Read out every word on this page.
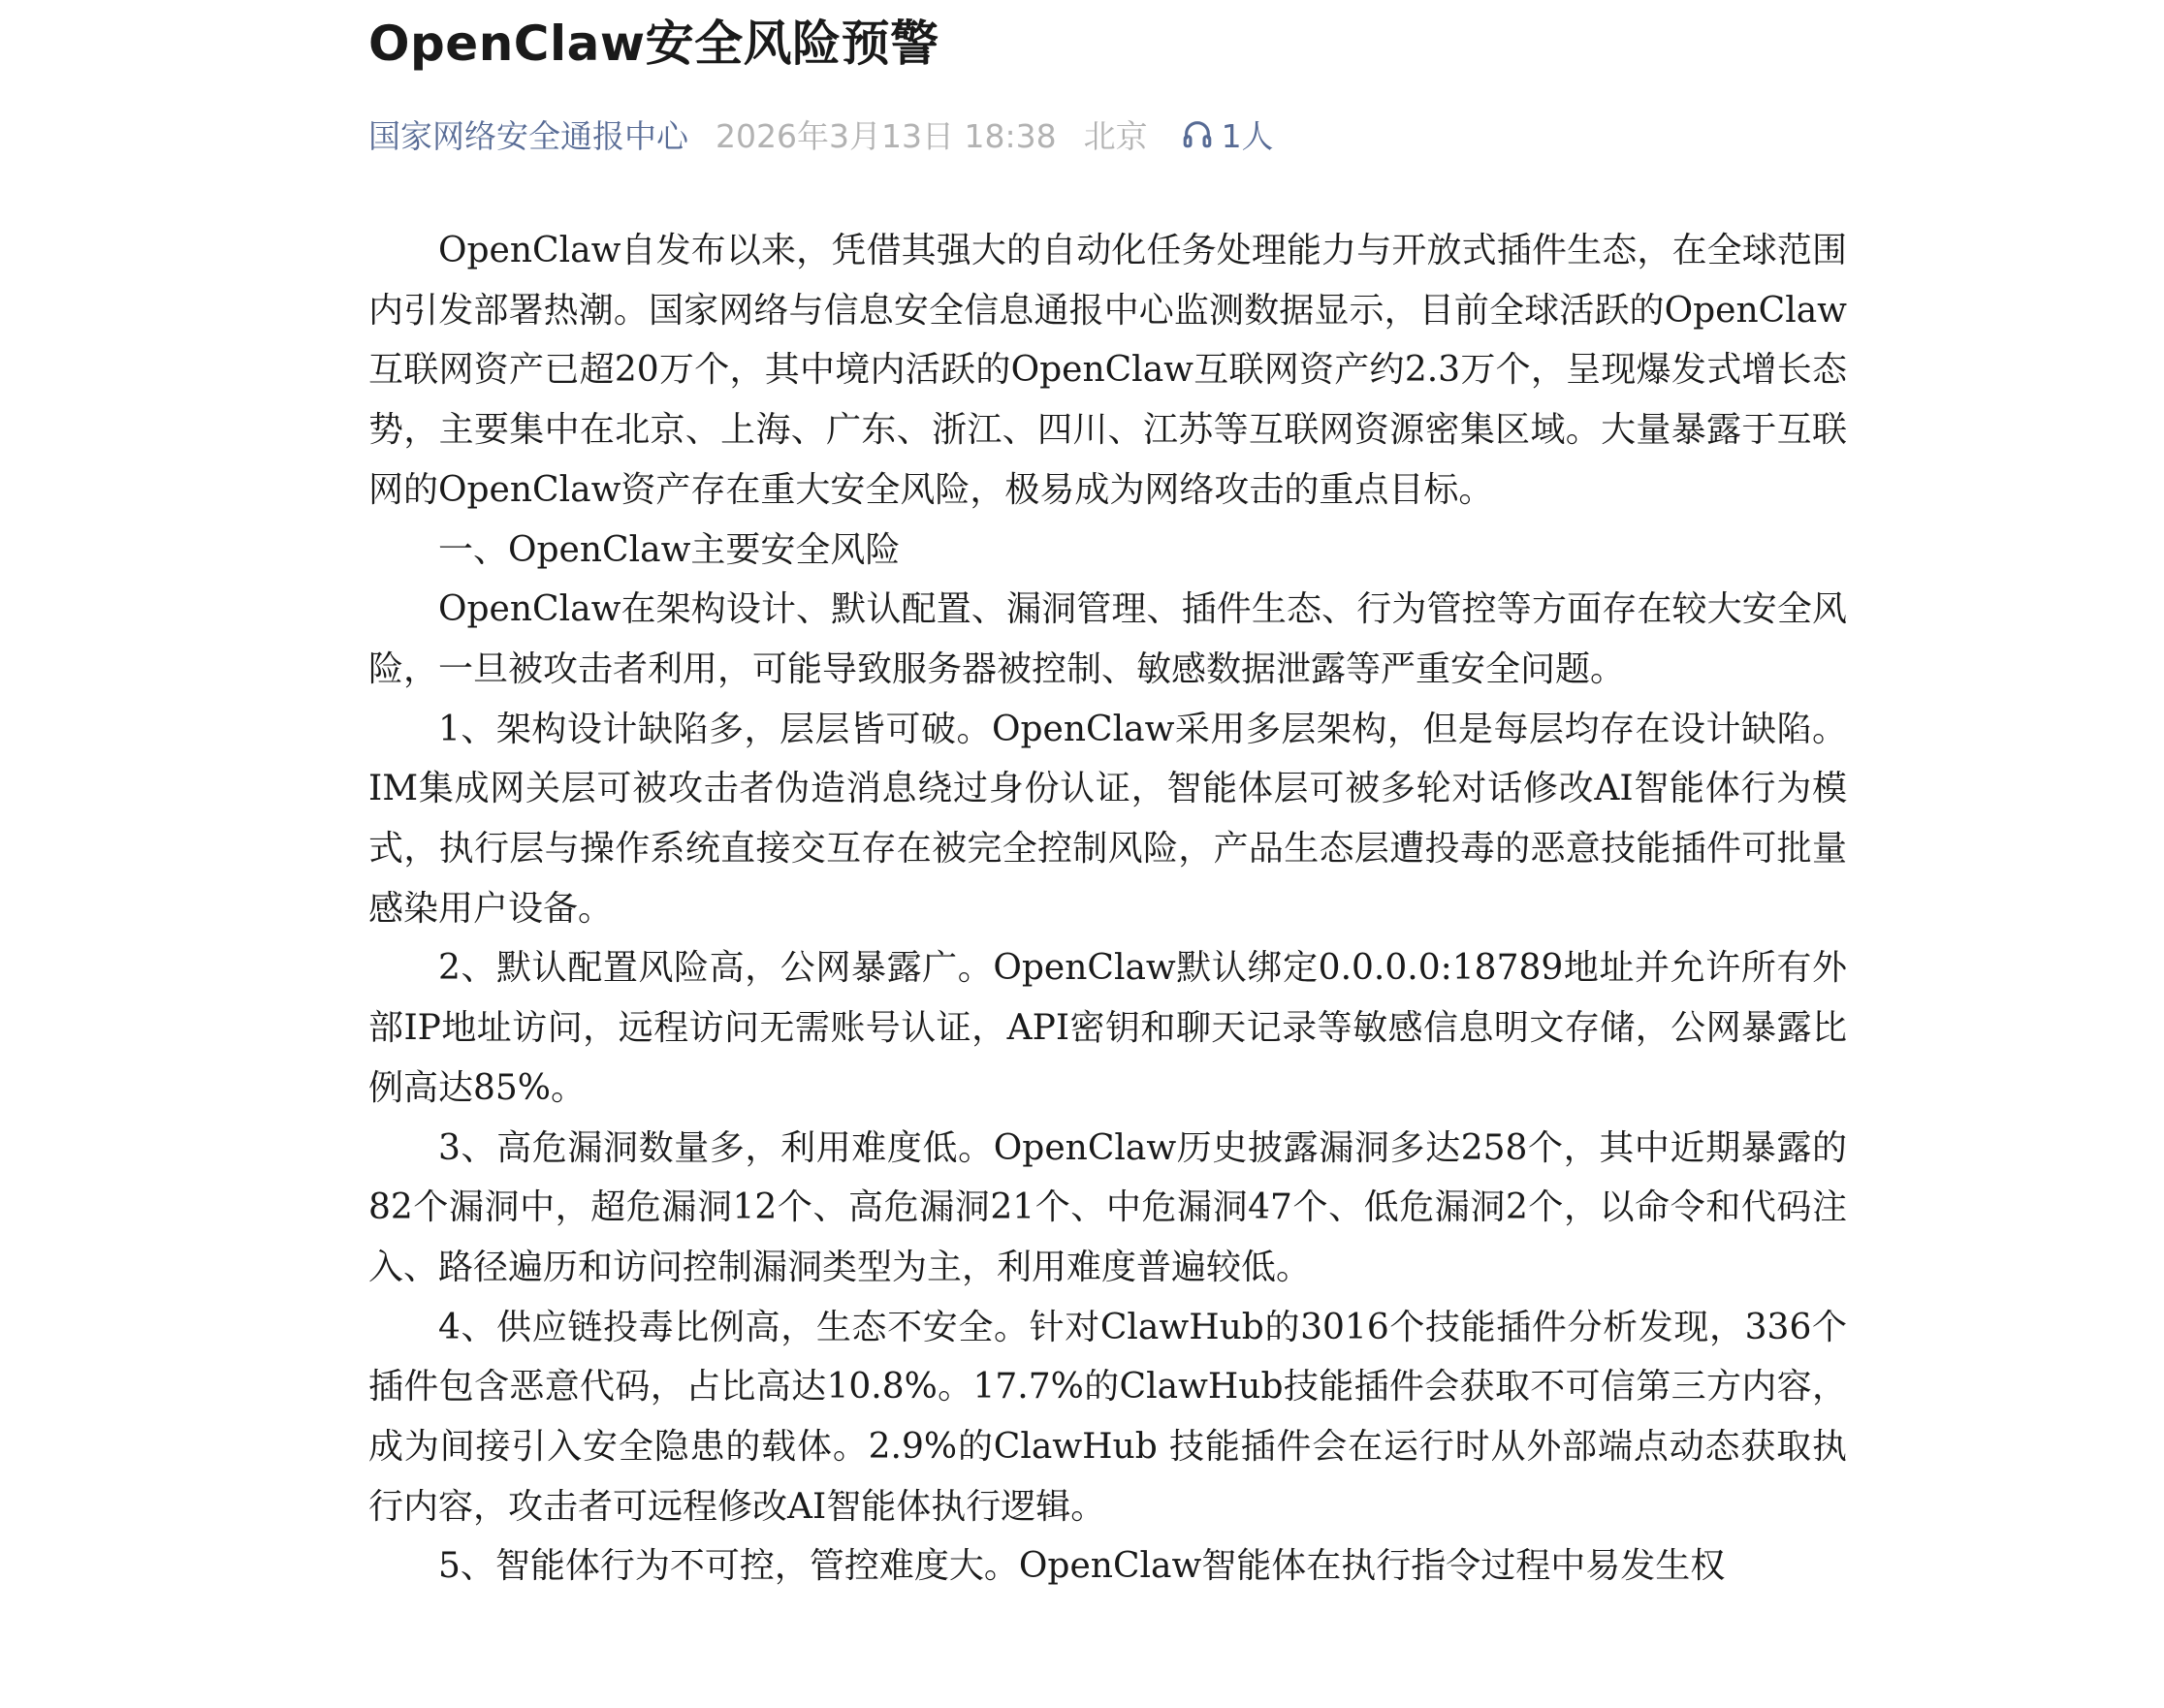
OpenClaw安全风险预警
国家网络安全通报中心 2026年3月13日 18:38 北京 1人

OpenClaw自发布以来，凭借其强大的自动化任务处理能力与开放式插件生态，在全球范围内引发部署热潮。国家网络与信息安全信息通报中心监测数据显示，目前全球活跃的OpenClaw互联网资产已超20万个，其中境内活跃的OpenClaw互联网资产约2.3万个，呈现爆发式增长态势，主要集中在北京、上海、广东、浙江、四川、江苏等互联网资源密集区域。大量暴露于互联网的OpenClaw资产存在重大安全风险，极易成为网络攻击的重点目标。

一、OpenClaw主要安全风险

OpenClaw在架构设计、默认配置、漏洞管理、插件生态、行为管控等方面存在较大安全风险，一旦被攻击者利用，可能导致服务器被控制、敏感数据泄露等严重安全问题。

1、架构设计缺陷多，层层皆可破。OpenClaw采用多层架构，但是每层均存在设计缺陷。IM集成网关层可被攻击者伪造消息绕过身份认证，智能体层可被多轮对话修改AI智能体行为模式，执行层与操作系统直接交互存在被完全控制风险，产品生态层遭投毒的恶意技能插件可批量感染用户设备。

2、默认配置风险高，公网暴露广。OpenClaw默认绑定0.0.0.0:18789地址并允许所有外部IP地址访问，远程访问无需账号认证，API密钥和聊天记录等敏感信息明文存储，公网暴露比例高达85%。

3、高危漏洞数量多，利用难度低。OpenClaw历史披露漏洞多达258个，其中近期暴露的82个漏洞中，超危漏洞12个、高危漏洞21个、中危漏洞47个、低危漏洞2个，以命令和代码注入、路径遍历和访问控制漏洞类型为主，利用难度普遍较低。

4、供应链投毒比例高，生态不安全。针对ClawHub的3016个技能插件分析发现，336个插件包含恶意代码，占比高达10.8%。17.7%的ClawHub技能插件会获取不可信第三方内容，成为间接引入安全隐患的载体。2.9%的ClawHub 技能插件会在运行时从外部端点动态获取执行内容，攻击者可远程修改AI智能体执行逻辑。

5、智能体行为不可控，管控难度大。OpenClaw智能体在执行指令过程中易发生权
